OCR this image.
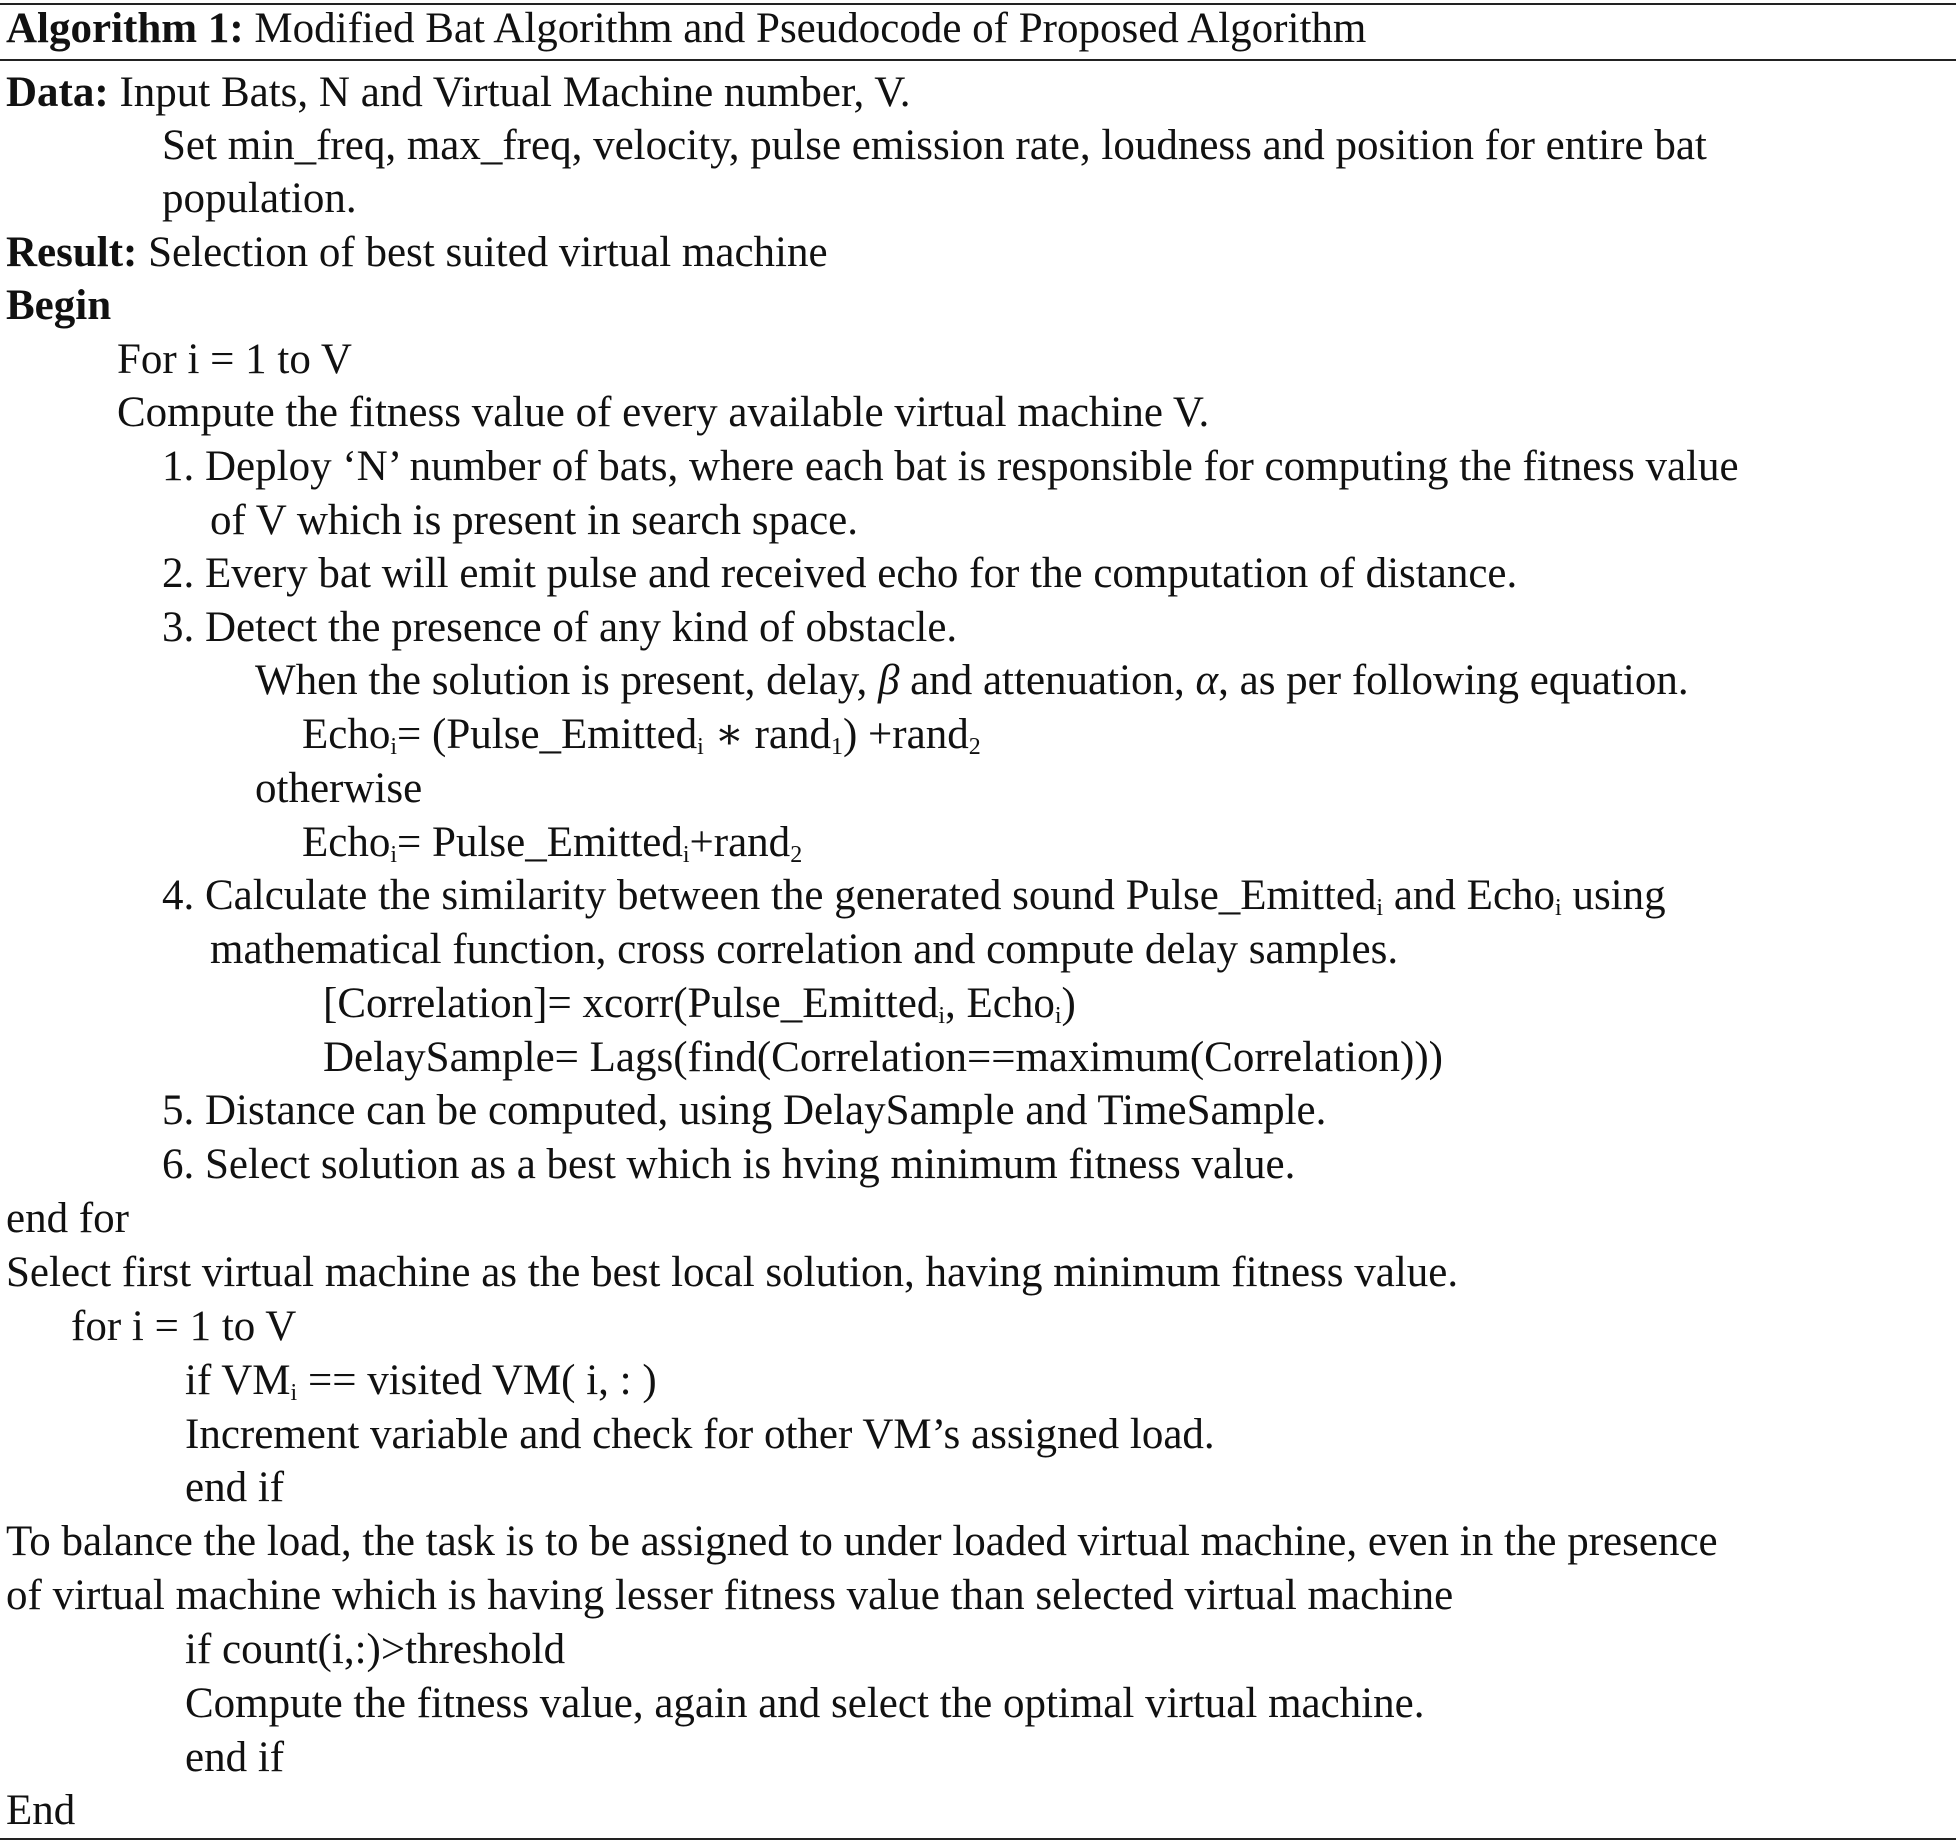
Algorithm 1: Modified Bat Algorithm and Pseudocode of Proposed Algorithm
Data: Input Bats, N and Virtual Machine number, V.
Set min_freq, max_freq, velocity, pulse emission rate, loudness and position for entire bat
population.
Result: Selection of best suited virtual machine
Begin
For i = 1 to V
Compute the fitness value of every available virtual machine V.
1. Deploy ‘N’ number of bats, where each bat is responsible for computing the fitness value
of V which is present in search space.
2. Every bat will emit pulse and received echo for the computation of distance.
3. Detect the presence of any kind of obstacle.
When the solution is present, delay, β and attenuation, α, as per following equation.
Echo$_i$= (Pulse_Emitted$_i$ ∗ rand$_1$) +rand$_2$
otherwise
Echo$_i$= Pulse_Emitted$_i$+rand$_2$
4. Calculate the similarity between the generated sound Pulse_Emitted$_i$ and Echo$_i$ using
mathematical function, cross correlation and compute delay samples.
[Correlation]= xcorr(Pulse_Emitted$_i$, Echo$_i$)
DelaySample= Lags(find(Correlation==maximum(Correlation)))
5. Distance can be computed, using DelaySample and TimeSample.
6. Select solution as a best which is hving minimum fitness value.
end for
Select first virtual machine as the best local solution, having minimum fitness value.
for i = 1 to V
if $VM_i$ == visited VM( i, : )
Increment variable and check for other VM’s assigned load.
end if
To balance the load, the task is to be assigned to under loaded virtual machine, even in the presence
of virtual machine which is having lesser fitness value than selected virtual machine
if count(i,:)>threshold
Compute the fitness value, again and select the optimal virtual machine.
end if
End
